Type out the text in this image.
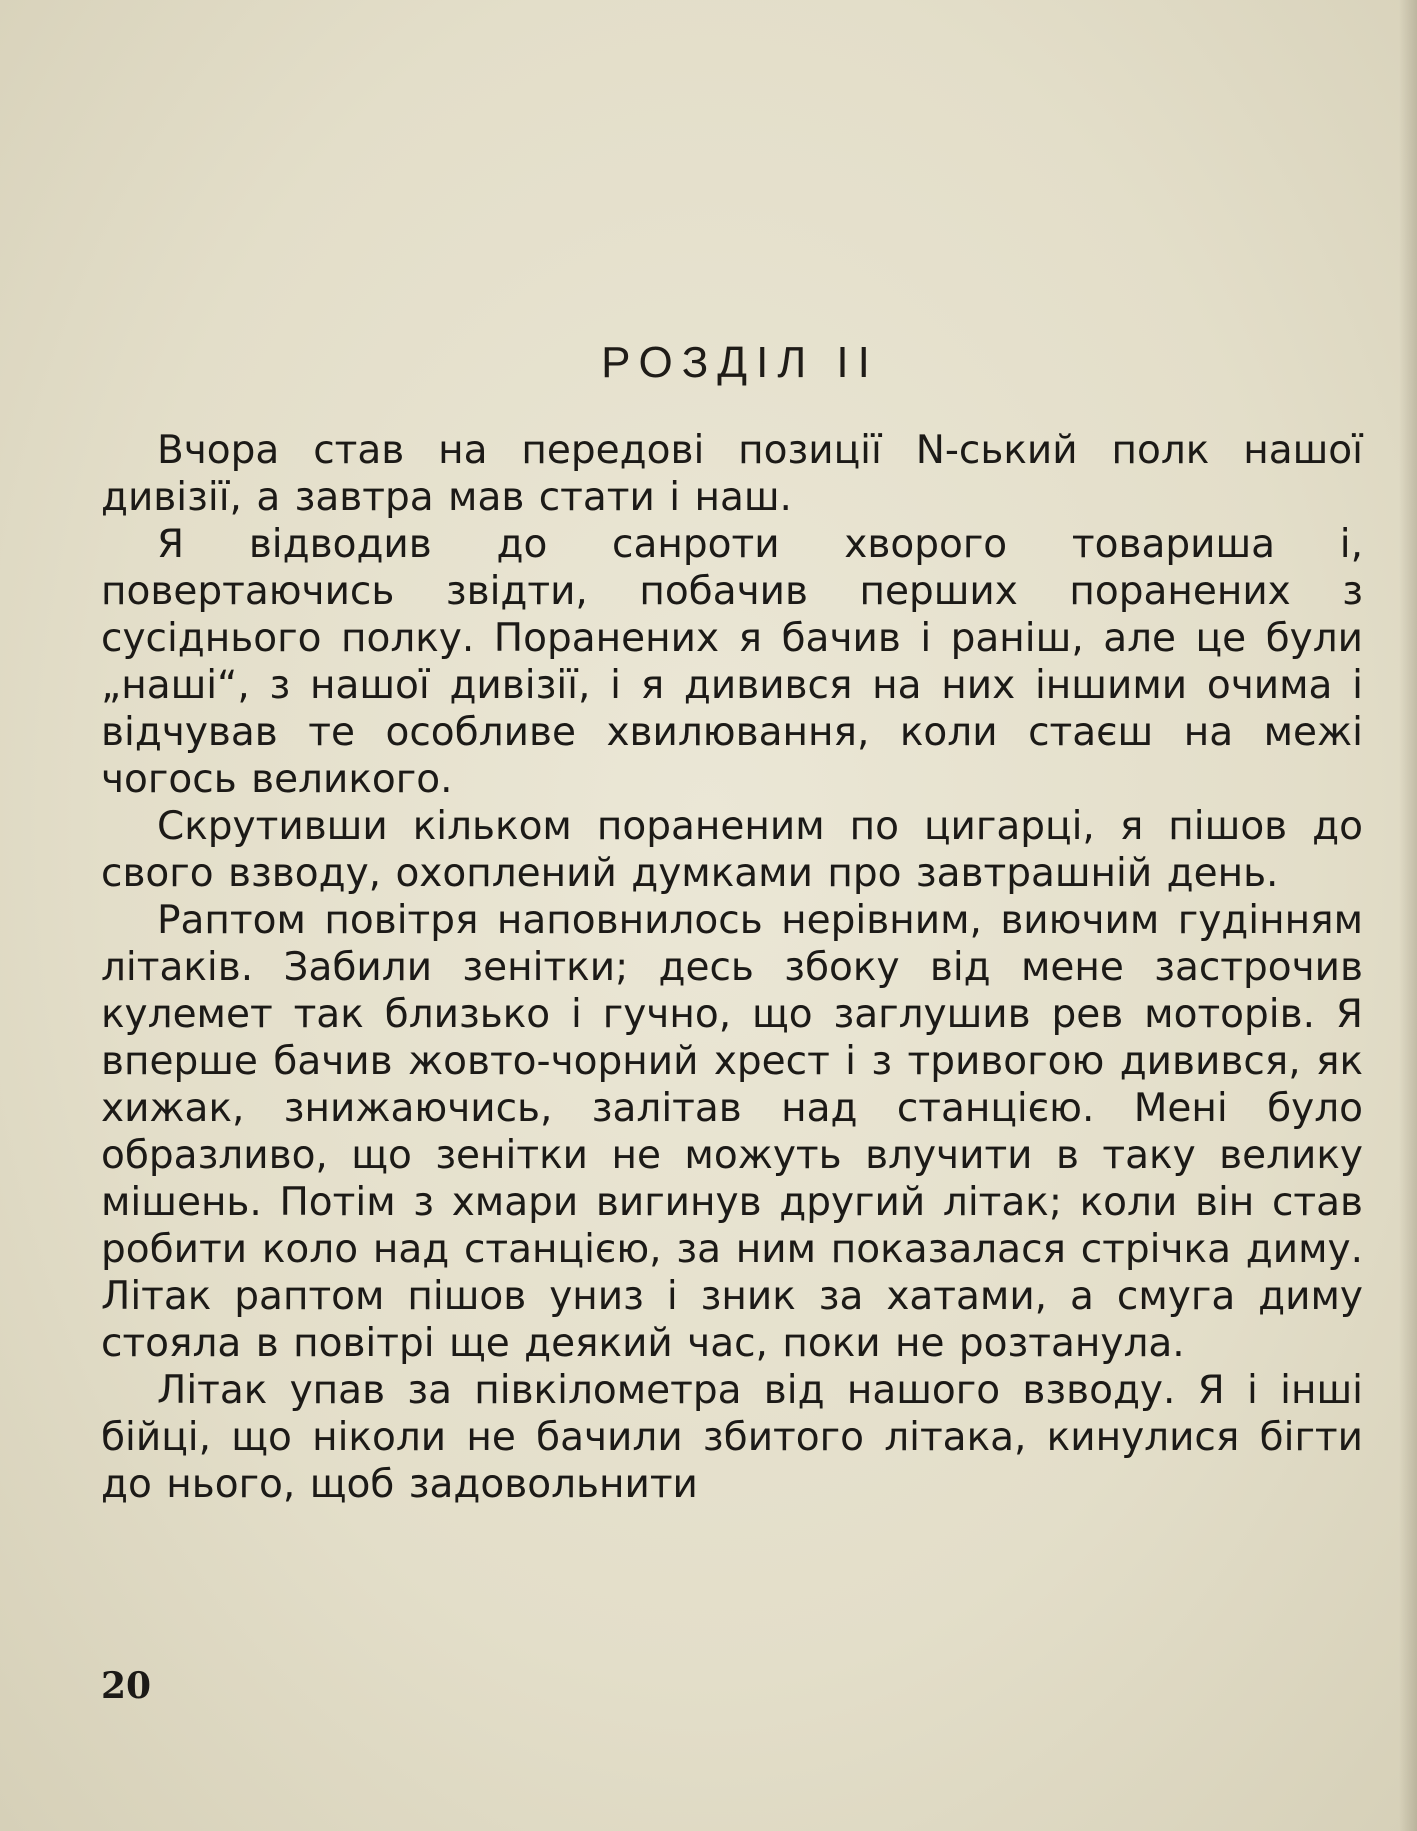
РОЗДІЛ II

Вчора став на передові позиції N-ський полк нашої дивізії, а завтра мав стати і наш.

Я відводив до санроти хворого товариша і, повертаючись звідти, побачив перших поранених з сусіднього полку. Поранених я бачив і раніш, але це були „наші“, з нашої дивізії, і я дивився на них іншими очима і відчував те особливе хвилювання, коли стаєш на межі чогось великого.

Скрутивши кільком пораненим по цигарці, я пішов до свого взводу, охоплений думками про завтрашній день.

Раптом повітря наповнилось нерівним, виючим гудінням літаків. Забили зенітки; десь збоку від мене застрочив кулемет так близько і гучно, що заглушив рев моторів. Я вперше бачив жовто-чорний хрест і з тривогою дивився, як хижак, знижаючись, залітав над станцією. Мені було образливо, що зенітки не можуть влучити в таку велику мішень. Потім з хмари вигинув другий літак; коли він став робити коло над станцією, за ним показалася стрічка диму. Літак раптом пішов униз і зник за хатами, а смуга диму стояла в повітрі ще деякий час, поки не розтанула.

Літак упав за півкілометра від нашого взводу. Я і інші бійці, що ніколи не бачили збитого літака, кинулися бігти до нього, щоб задовольнити

20
